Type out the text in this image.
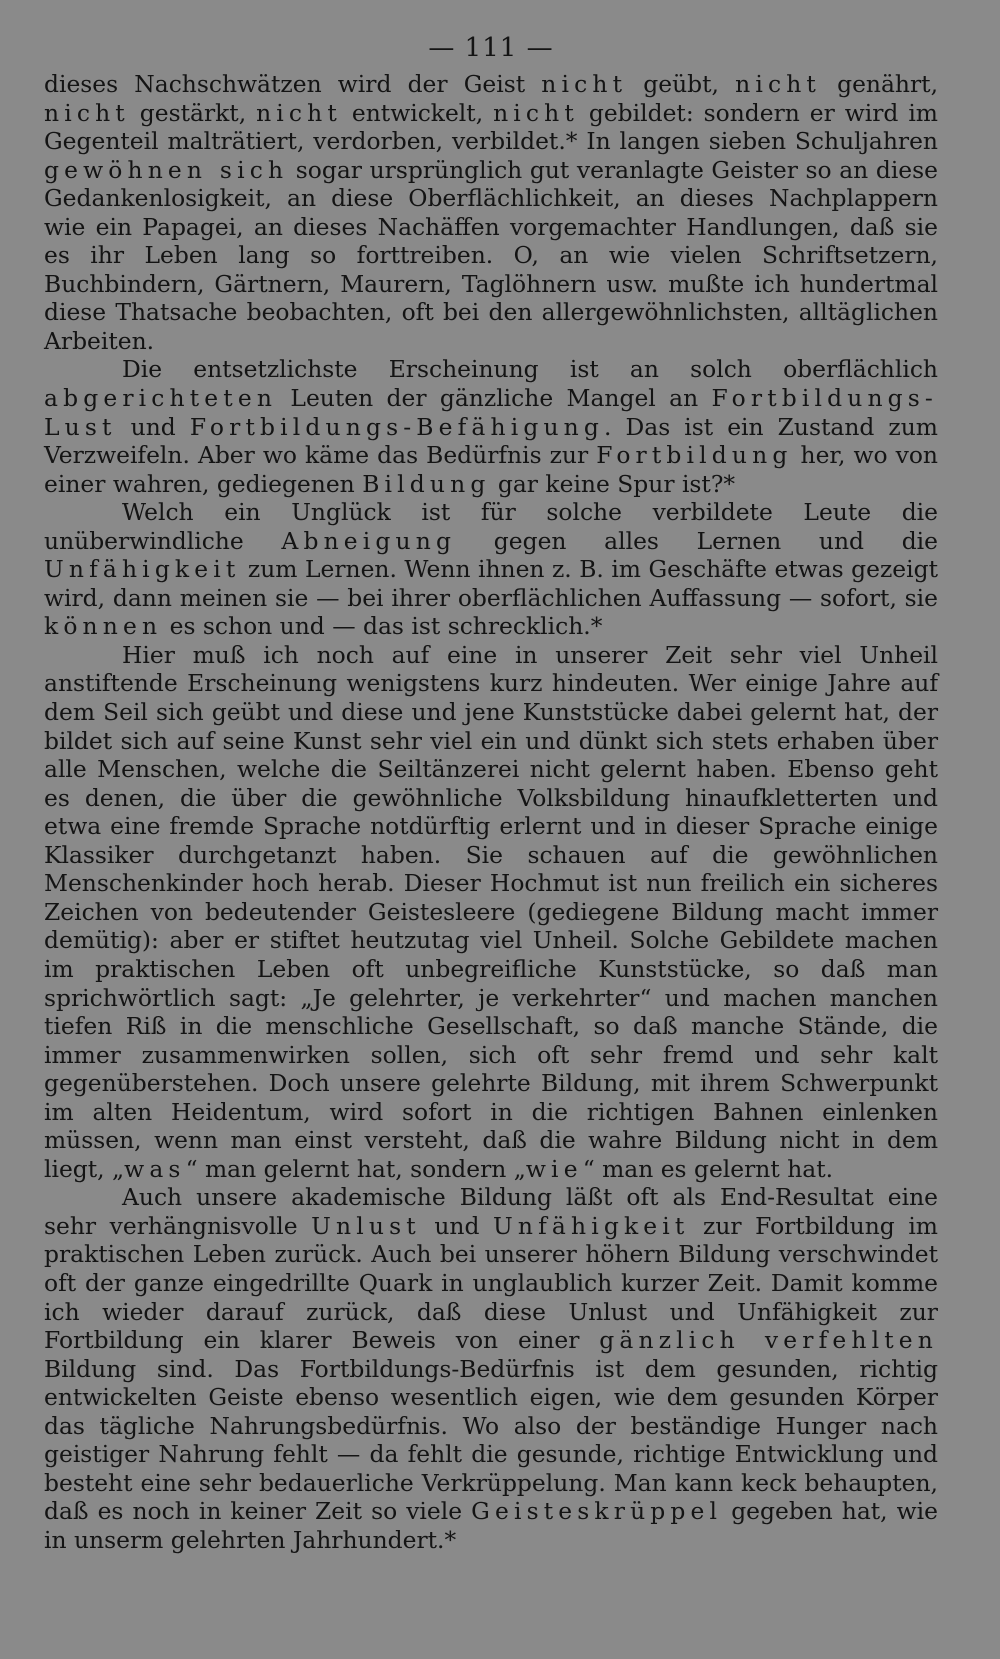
— 111 —

dieses Nachschwätzen wird der Geist nicht geübt, nicht genährt, nicht gestärkt, nicht entwickelt, nicht gebildet: sondern er wird im Gegenteil malträtiert, verdorben, verbildet.* In langen sieben Schuljahren gewöhnen sich sogar ursprünglich gut veranlagte Geister so an diese Gedankenlosigkeit, an diese Oberflächlichkeit, an dieses Nachplappern wie ein Papagei, an dieses Nachäffen vorgemachter Handlungen, daß sie es ihr Leben lang so forttreiben. O, an wie vielen Schriftsetzern, Buchbindern, Gärtnern, Maurern, Taglöhnern usw. mußte ich hundertmal diese Thatsache beobachten, oft bei den allergewöhnlichsten, alltäglichen Arbeiten.

Die entsetzlichste Erscheinung ist an solch oberflächlich abgerichteten Leuten der gänzliche Mangel an Fortbildungs-Lust und Fortbildungs-Befähigung. Das ist ein Zustand zum Verzweifeln. Aber wo käme das Bedürfnis zur Fortbildung her, wo von einer wahren, gediegenen Bildung gar keine Spur ist?*

Welch ein Unglück ist für solche verbildete Leute die unüberwindliche Abneigung gegen alles Lernen und die Unfähigkeit zum Lernen. Wenn ihnen z. B. im Geschäfte etwas gezeigt wird, dann meinen sie — bei ihrer oberflächlichen Auffassung — sofort, sie können es schon und — das ist schrecklich.*

Hier muß ich noch auf eine in unserer Zeit sehr viel Unheil anstiftende Erscheinung wenigstens kurz hindeuten. Wer einige Jahre auf dem Seil sich geübt und diese und jene Kunststücke dabei gelernt hat, der bildet sich auf seine Kunst sehr viel ein und dünkt sich stets erhaben über alle Menschen, welche die Seiltänzerei nicht gelernt haben. Ebenso geht es denen, die über die gewöhnliche Volksbildung hinaufkletterten und etwa eine fremde Sprache notdürftig erlernt und in dieser Sprache einige Klassiker durchgetanzt haben. Sie schauen auf die gewöhnlichen Menschenkinder hoch herab. Dieser Hochmut ist nun freilich ein sicheres Zeichen von bedeutender Geistesleere (gediegene Bildung macht immer demütig): aber er stiftet heutzutag viel Unheil. Solche Gebildete machen im praktischen Leben oft unbegreifliche Kunststücke, so daß man sprichwörtlich sagt: „Je gelehrter, je verkehrter“ und machen manchen tiefen Riß in die menschliche Gesellschaft, so daß manche Stände, die immer zusammenwirken sollen, sich oft sehr fremd und sehr kalt gegenüberstehen. Doch unsere gelehrte Bildung, mit ihrem Schwerpunkt im alten Heidentum, wird sofort in die richtigen Bahnen einlenken müssen, wenn man einst versteht, daß die wahre Bildung nicht in dem liegt, „was“ man gelernt hat, sondern „wie“ man es gelernt hat.

Auch unsere akademische Bildung läßt oft als End-Resultat eine sehr verhängnisvolle Unlust und Unfähigkeit zur Fortbildung im praktischen Leben zurück. Auch bei unserer höhern Bildung verschwindet oft der ganze eingedrillte Quark in unglaublich kurzer Zeit. Damit komme ich wieder darauf zurück, daß diese Unlust und Unfähigkeit zur Fortbildung ein klarer Beweis von einer gänzlich verfehlten Bildung sind. Das Fortbildungs-Bedürfnis ist dem gesunden, richtig entwickelten Geiste ebenso wesentlich eigen, wie dem gesunden Körper das tägliche Nahrungsbedürfnis. Wo also der beständige Hunger nach geistiger Nahrung fehlt — da fehlt die gesunde, richtige Entwicklung und besteht eine sehr bedauerliche Verkrüppelung. Man kann keck behaupten, daß es noch in keiner Zeit so viele Geisteskrüppel gegeben hat, wie in unserm gelehrten Jahrhundert.*
